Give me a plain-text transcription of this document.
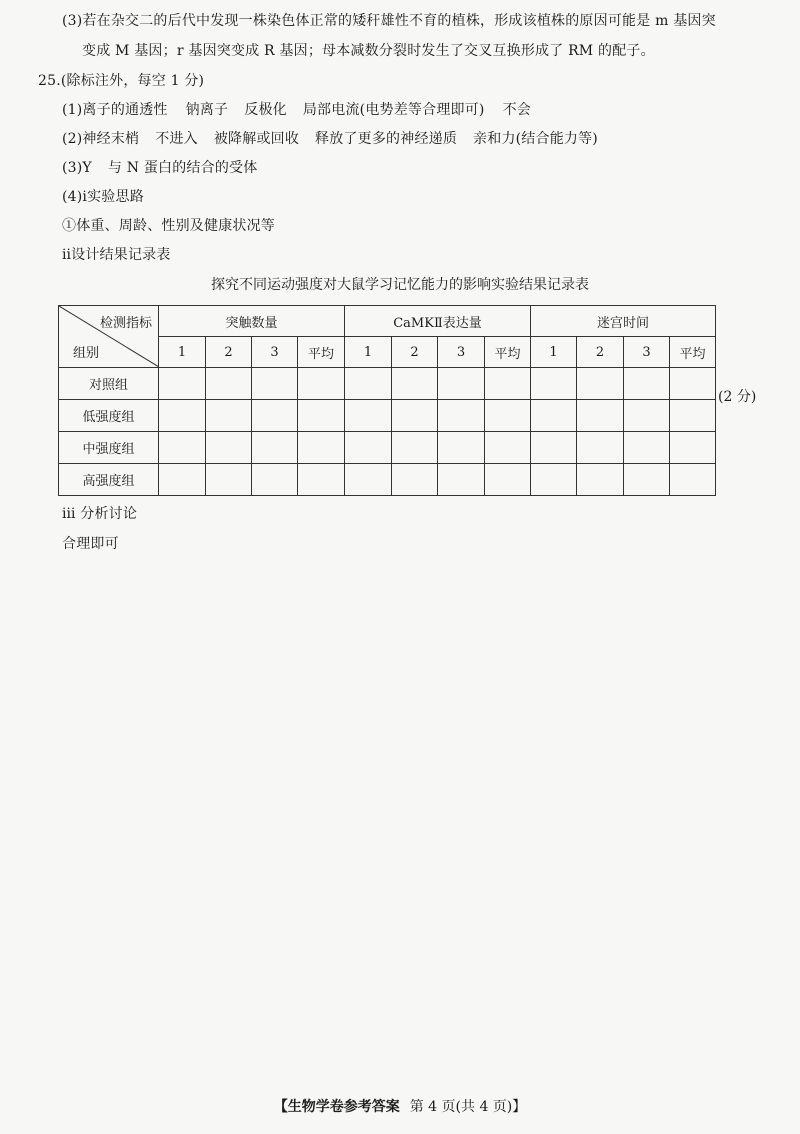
(3)若在杂交二的后代中发现一株染色体正常的矮秆雄性不育的植株，形成该植株的原因可能是 m 基因突
变成 M 基因；r 基因突变成 R 基因；母本减数分裂时发生了交叉互换形成了 RM 的配子。
25.(除标注外，每空 1 分)
(1)离子的通透性 钠离子 反极化 局部电流(电势差等合理即可) 不会
(2)神经末梢 不进入 被降解或回收 释放了更多的神经递质 亲和力(结合能力等)
(3)Y 与 N 蛋白的结合的受体
(4)ⅰ实验思路
①体重、周龄、性别及健康状况等
ⅱ设计结果记录表
探究不同运动强度对大鼠学习记忆能力的影响实验结果记录表
检测指标
组别	突触数量				CaMKⅡ表达量				迷宫时间			
	1	2	3	平均	1	2	3	平均	1	2	3	平均
对照组												
低强度组												
中强度组												
高强度组												
(2 分)
ⅲ 分析讨论
合理即可
【生物学卷参考答案 第 4 页(共 4 页)】
